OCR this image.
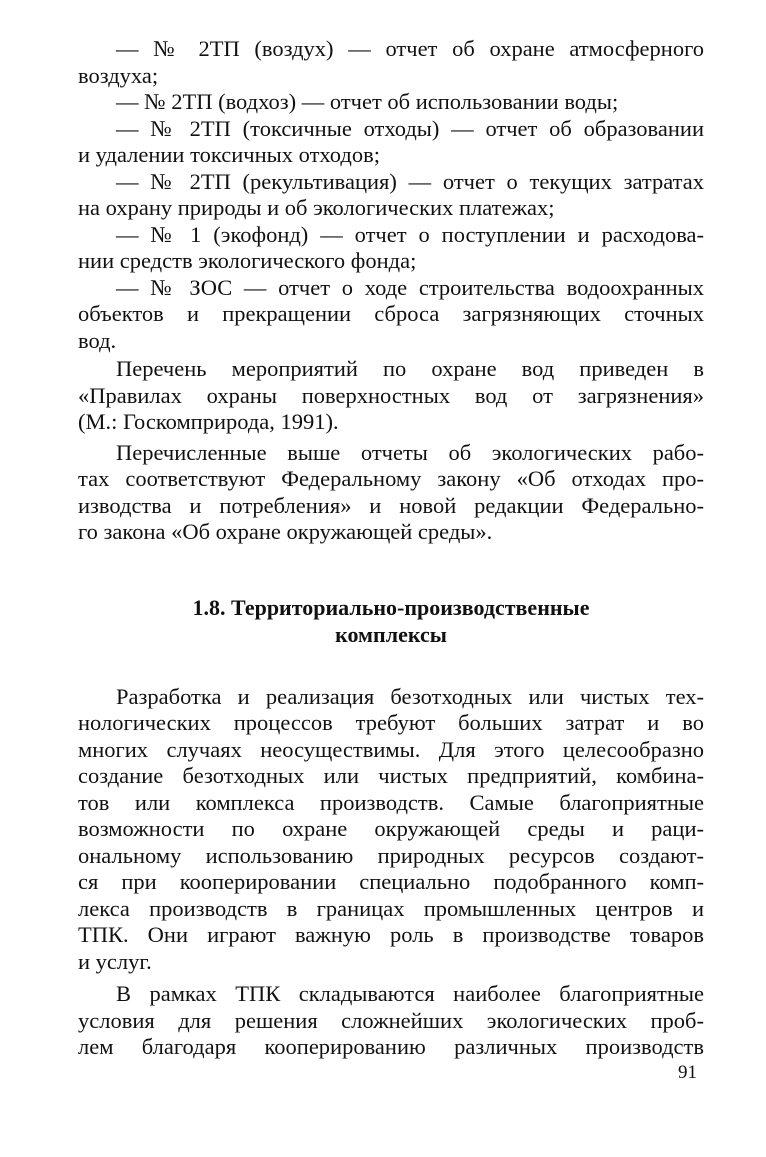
— № 2ТП (воздух) — отчет об охране атмосферного
воздуха;
— № 2ТП (водхоз) — отчет об использовании воды;
— № 2ТП (токсичные отходы) — отчет об образовании
и удалении токсичных отходов;
— № 2ТП (рекультивация) — отчет о текущих затратах
на охрану природы и об экологических платежах;
— № 1 (экофонд) — отчет о поступлении и расходова-
нии средств экологического фонда;
— № ЗОС — отчет о ходе строительства водоохранных
объектов и прекращении сброса загрязняющих сточных
вод.
Перечень мероприятий по охране вод приведен в
«Правилах охраны поверхностных вод от загрязнения»
(М.: Госкомприрода, 1991).
Перечисленные выше отчеты об экологических рабо-
тах соответствуют Федеральному закону «Об отходах про-
изводства и потребления» и новой редакции Федерально-
го закона «Об охране окружающей среды».
1.8. Территориально-производственные
комплексы
Разработка и реализация безотходных или чистых тех-
нологических процессов требуют больших затрат и во
многих случаях неосуществимы. Для этого целесообразно
создание безотходных или чистых предприятий, комбина-
тов или комплекса производств. Самые благоприятные
возможности по охране окружающей среды и раци-
ональному использованию природных ресурсов создают-
ся при кооперировании специально подобранного комп-
лекса производств в границах промышленных центров и
ТПК. Они играют важную роль в производстве товаров
и услуг.
В рамках ТПК складываются наиболее благоприятные
условия для решения сложнейших экологических проб-
лем благодаря кооперированию различных производств
91
